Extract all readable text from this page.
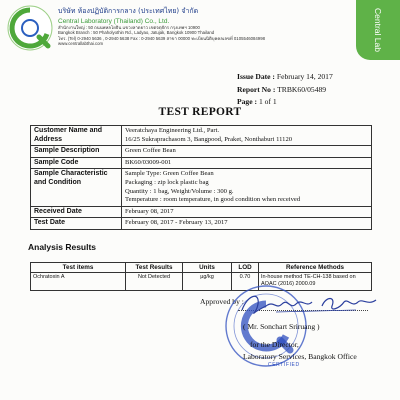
บริษัท ห้องปฏิบัติการกลาง (ประเทศไทย) จำกัด
Central Laboratory (Thailand) Co., Ltd.
สำนักงานใหญ่ : 50 ถนนพหลโยธิน แขวงลาดยาว เขตจตุจักร กรุงเทพฯ 10900
Bangkok Branch : 50 Phaholyothin Rd., Ladyao, Jatujak, Bangkok 10900 Thailand
โทร. (Tel) 0-2940 5636 , 0-2940 5638 Fax : 0-2940 5639 สาขา 00000 ทะเบียนนิติบุคคลเลขที่ 0105546084998
www.centrallabthai.com	Central Lab
Issue Date : February 14, 2017
Report No : TRBK60/05489
Page : 1 of 1
TEST REPORT
Customer Name and Address	Veeratchaya Engineering Ltd., Part.
16/25 Sukraprachasom 3, Bangpood, Praket, Nonthaburi 11120

Sample Description	Green Coffee Bean
Sample Code	BK60/03009-001
Sample Characteristic and Condition	Sample Type: Green Coffee Bean
Packaging : zip lock plastic bag
Quantity : 1 bag, Weight/Volume : 300 g.
Temperature : room temperature, in good condition when received

Received Date	February 08, 2017
Test Date	February 08, 2017 - February 13, 2017
Analysis Results
Test items	Test Results	Units	LOD	Reference Methods
Ochratoxin A	Not Detected	µg/kg	0.70	In-house method TE-CH-138 based on AOAC (2016) 2000.09
Approved by :
( Mr. Sonchart Sriruang )
for the Director,
Laboratory Services, Bangkok Office
CERTIFIED
